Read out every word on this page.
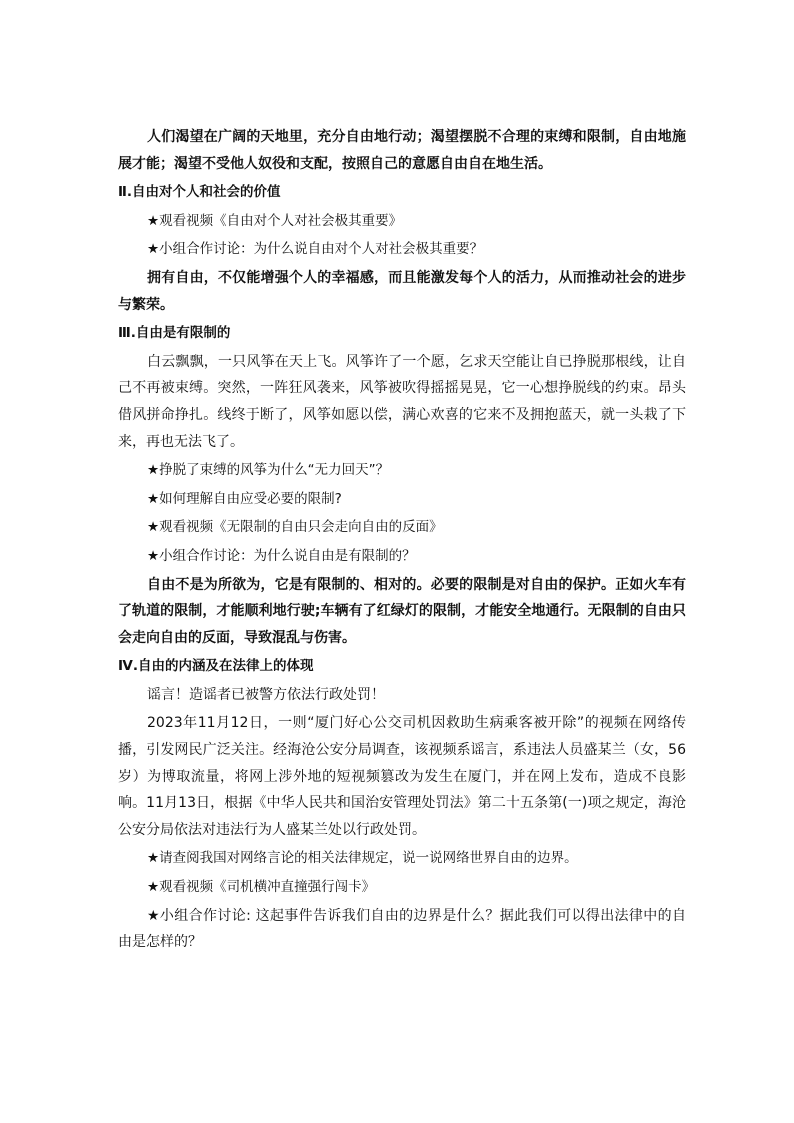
人们渴望在广阔的天地里，充分自由地行动；渴望摆脱不合理的束缚和限制，自由地施展才能；渴望不受他人奴役和支配，按照自己的意愿自由自在地生活。

Ⅱ.自由对个人和社会的价值

★观看视频《自由对个人对社会极其重要》

★小组合作讨论：为什么说自由对个人对社会极其重要？

拥有自由，不仅能增强个人的幸福感，而且能激发每个人的活力，从而推动社会的进步与繁荣。

Ⅲ.自由是有限制的

白云飘飘，一只风筝在天上飞。风筝许了一个愿，乞求天空能让自已挣脱那根线，让自己不再被束缚。突然，一阵狂风袭来，风筝被吹得摇摇晃晃，它一心想挣脱线的约束。昂头借风拼命挣扎。线终于断了，风筝如愿以偿，满心欢喜的它来不及拥抱蓝天，就一头栽了下来，再也无法飞了。

★挣脱了束缚的风筝为什么“无力回天”？

★如何理解自由应受必要的限制?

★观看视频《无限制的自由只会走向自由的反面》

★小组合作讨论：为什么说自由是有限制的？

自由不是为所欲为，它是有限制的、相对的。必要的限制是对自由的保护。正如火车有了轨道的限制，才能顺利地行驶;车辆有了红绿灯的限制，才能安全地通行。无限制的自由只会走向自由的反面，导致混乱与伤害。

Ⅳ.自由的内涵及在法律上的体现

谣言！造谣者已被警方依法行政处罚！

2023年11月12日，一则“厦门好心公交司机因救助生病乘客被开除”的视频在网络传播，引发网民广泛关注。经海沧公安分局调查，该视频系谣言，系违法人员盛某兰（女，56岁）为博取流量，将网上涉外地的短视频篡改为发生在厦门，并在网上发布，造成不良影响。11月13日，根据《中华人民共和国治安管理处罚法》第二十五条第(一)项之规定，海沧公安分局依法对违法行为人盛某兰处以行政处罚。

★请查阅我国对网络言论的相关法律规定，说一说网络世界自由的边界。

★观看视频《司机横冲直撞强行闯卡》

★小组合作讨论: 这起事件告诉我们自由的边界是什么？据此我们可以得出法律中的自由是怎样的？
